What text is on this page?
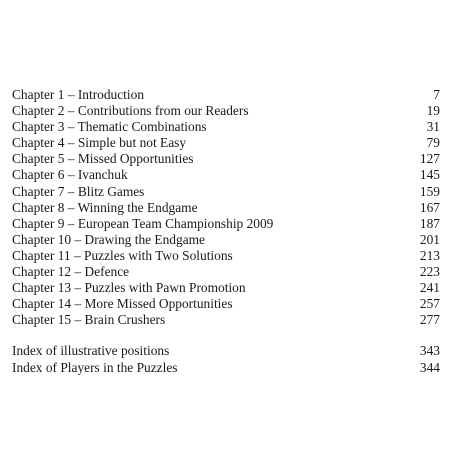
Chapter 1 – Introduction	7
Chapter 2 – Contributions from our Readers	19
Chapter 3 – Thematic Combinations	31
Chapter 4 – Simple but not Easy	79
Chapter 5 – Missed Opportunities	127
Chapter 6 – Ivanchuk	145
Chapter 7 – Blitz Games	159
Chapter 8 – Winning the Endgame	167
Chapter 9 – European Team Championship 2009	187
Chapter 10 – Drawing the Endgame	201
Chapter 11 – Puzzles with Two Solutions	213
Chapter 12 – Defence	223
Chapter 13 – Puzzles with Pawn Promotion	241
Chapter 14 – More Missed Opportunities	257
Chapter 15 – Brain Crushers	277
Index of illustrative positions	343
Index of Players in the Puzzles	344
